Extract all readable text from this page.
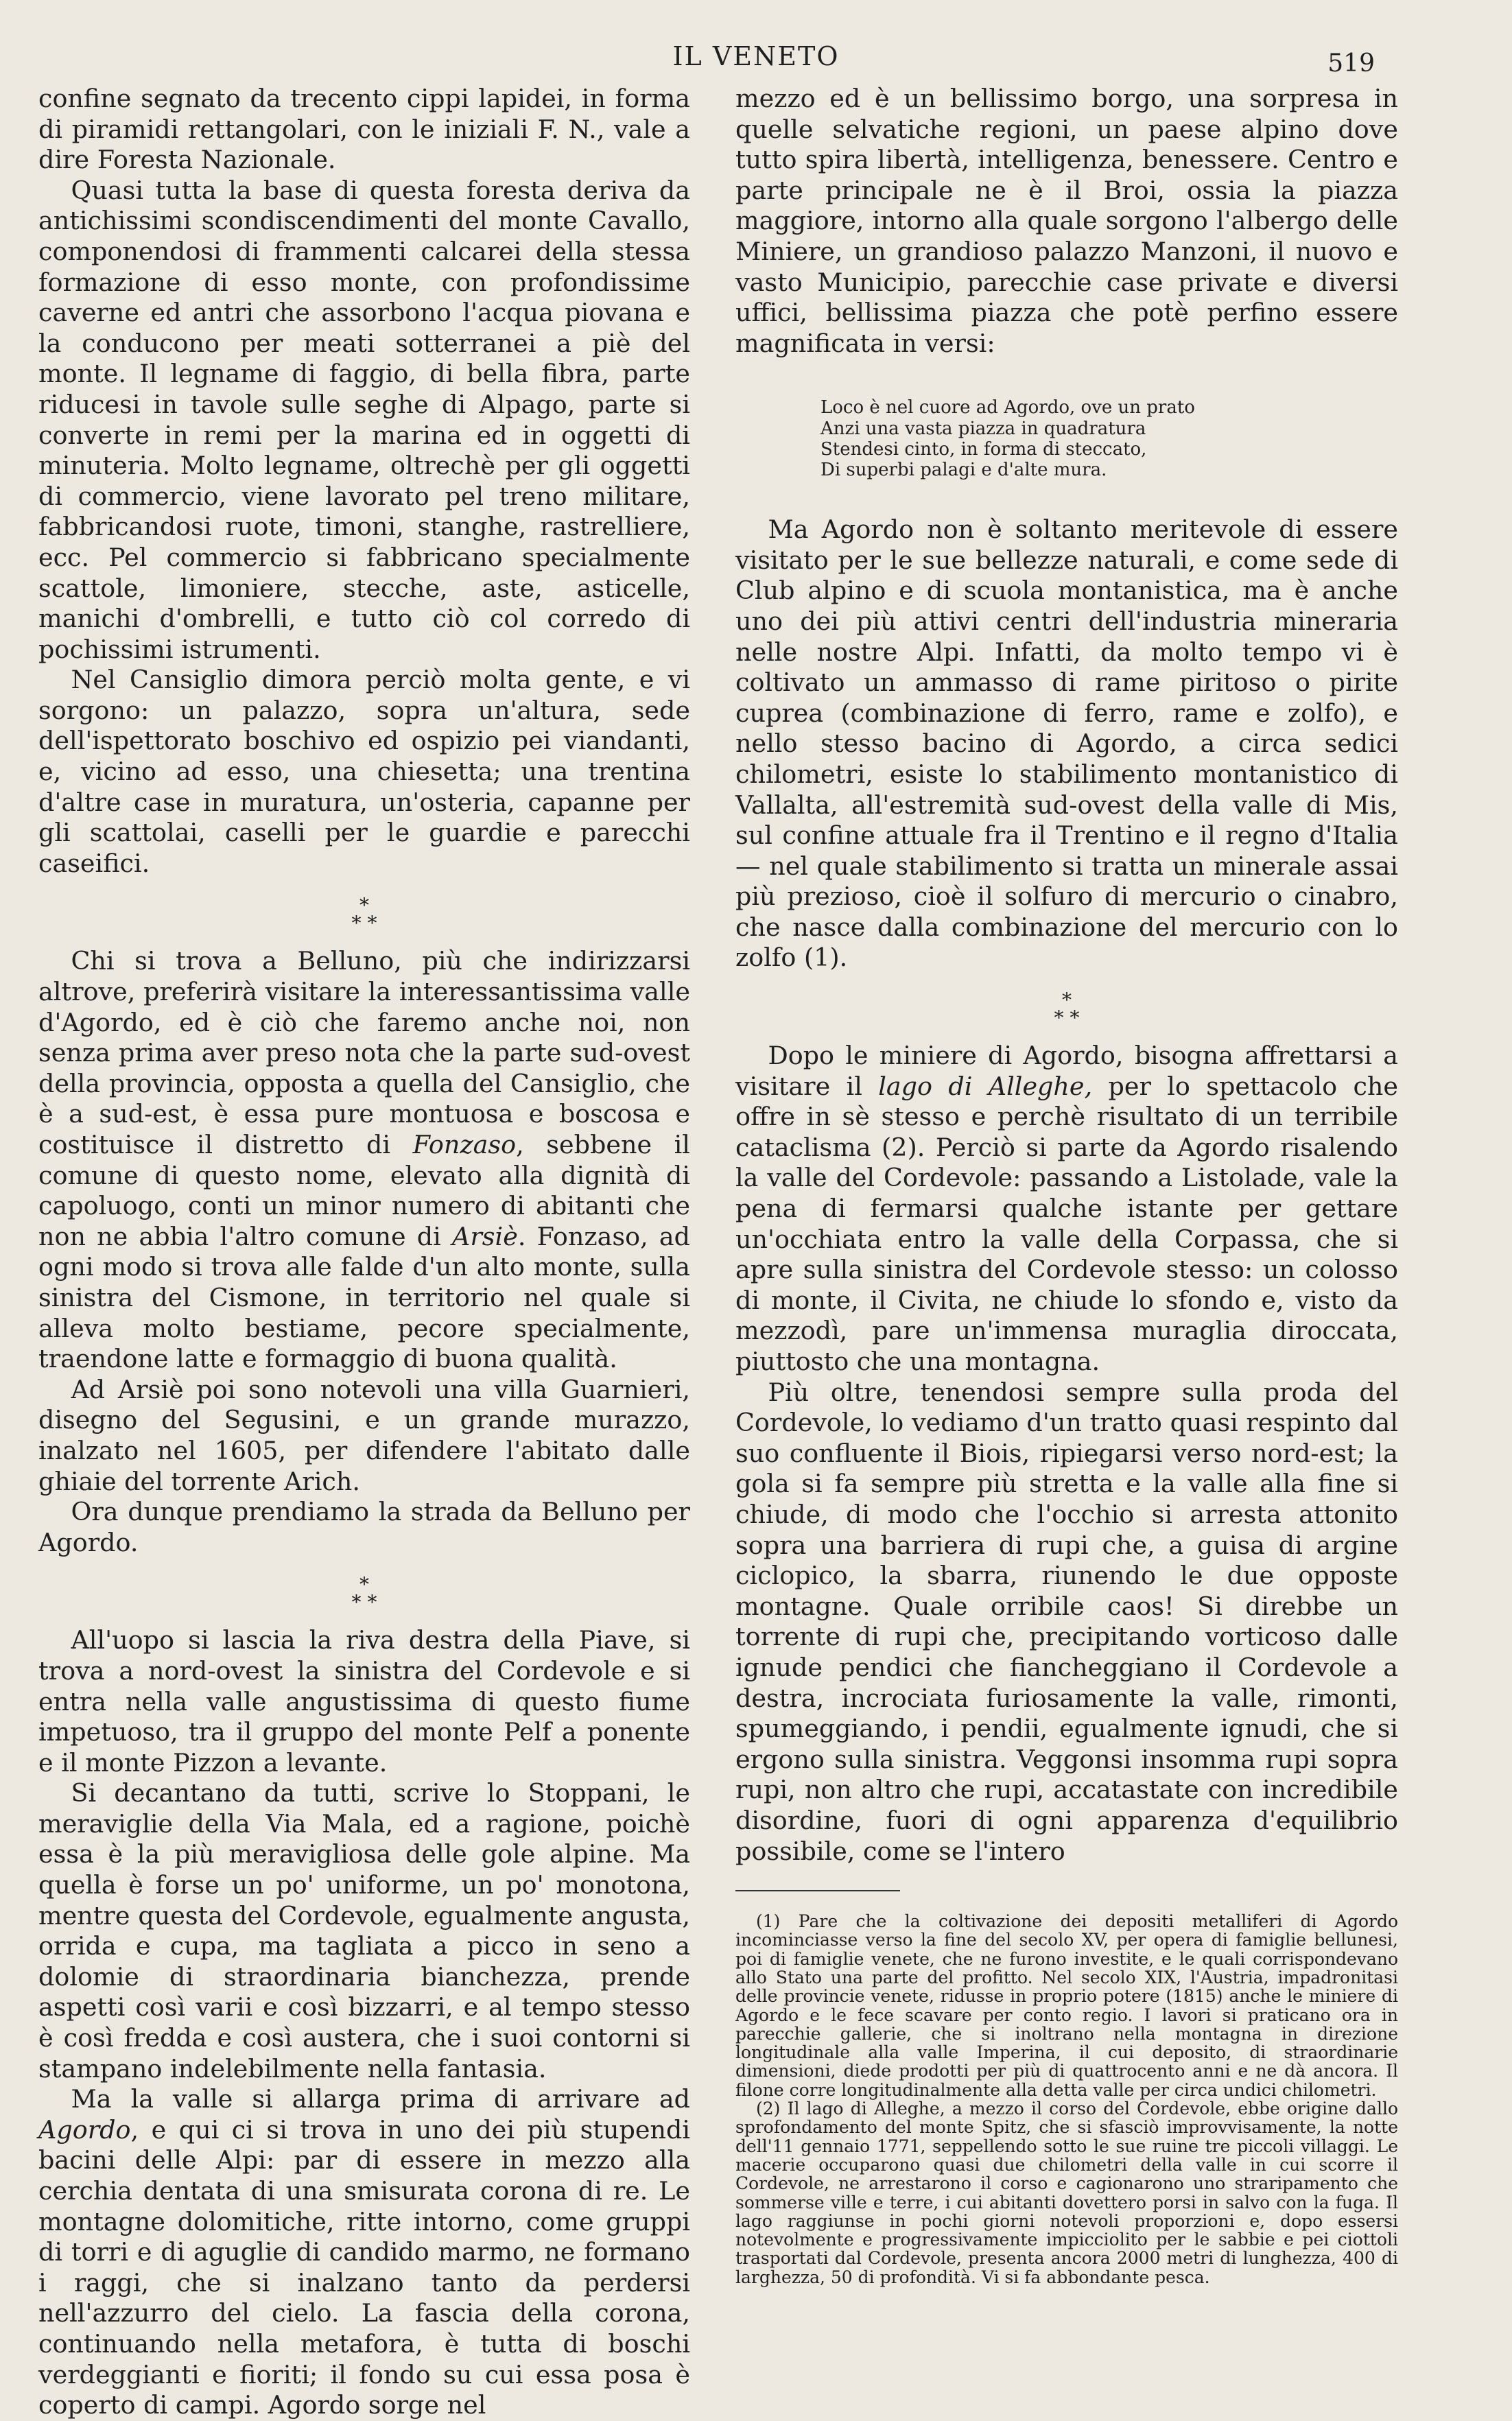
IL VENETO	519

confine segnato da trecento cippi lapidei, in forma di piramidi rettangolari, con le iniziali F. N., vale a dire Foresta Nazionale.

Quasi tutta la base di questa foresta deriva da antichissimi scondiscendimenti del monte Cavallo, componendosi di frammenti calcarei della stessa formazione di esso monte, con profondissime caverne ed antri che assorbono l'acqua piovana e la conducono per meati sotterranei a piè del monte. Il legname di faggio, di bella fibra, parte riducesi in tavole sulle seghe di Alpago, parte si converte in remi per la marina ed in oggetti di minuteria. Molto legname, oltrechè per gli oggetti di commercio, viene lavorato pel treno militare, fabbricandosi ruote, timoni, stanghe, rastrelliere, ecc. Pel commercio si fabbricano specialmente scattole, limoniere, stecche, aste, asticelle, manichi d'ombrelli, e tutto ciò col corredo di pochissimi istrumenti.

Nel Cansiglio dimora perciò molta gente, e vi sorgono: un palazzo, sopra un'altura, sede dell'ispettorato boschivo ed ospizio pei viandanti, e, vicino ad esso, una chiesetta; una trentina d'altre case in muratura, un'osteria, capanne per gli scattolai, caselli per le guardie e parecchi caseifici.

*
* *

Chi si trova a Belluno, più che indirizzarsi altrove, preferirà visitare la interessantissima valle d'Agordo, ed è ciò che faremo anche noi, non senza prima aver preso nota che la parte sud-ovest della provincia, opposta a quella del Cansiglio, che è a sud-est, è essa pure montuosa e boscosa e costituisce il distretto di Fonzaso, sebbene il comune di questo nome, elevato alla dignità di capoluogo, conti un minor numero di abitanti che non ne abbia l'altro comune di Arsiè. Fonzaso, ad ogni modo si trova alle falde d'un alto monte, sulla sinistra del Cismone, in territorio nel quale si alleva molto bestiame, pecore specialmente, traendone latte e formaggio di buona qualità.

Ad Arsiè poi sono notevoli una villa Guarnieri, disegno del Segusini, e un grande murazzo, inalzato nel 1605, per difendere l'abitato dalle ghiaie del torrente Arich.

Ora dunque prendiamo la strada da Belluno per Agordo.

*
* *

All'uopo si lascia la riva destra della Piave, si trova a nord-ovest la sinistra del Cordevole e si entra nella valle angustissima di questo fiume impetuoso, tra il gruppo del monte Pelf a ponente e il monte Pizzon a levante.

Si decantano da tutti, scrive lo Stoppani, le meraviglie della Via Mala, ed a ragione, poichè essa è la più meravigliosa delle gole alpine. Ma quella è forse un po' uniforme, un po' monotona, mentre questa del Cordevole, egualmente angusta, orrida e cupa, ma tagliata a picco in seno a dolomie di straordinaria bianchezza, prende aspetti così varii e così bizzarri, e al tempo stesso è così fredda e così austera, che i suoi contorni si stampano indelebilmente nella fantasia.

Ma la valle si allarga prima di arrivare ad Agordo, e qui ci si trova in uno dei più stupendi bacini delle Alpi: par di essere in mezzo alla cerchia dentata di una smisurata corona di re. Le montagne dolomitiche, ritte intorno, come gruppi di torri e di aguglie di candido marmo, ne formano i raggi, che si inalzano tanto da perdersi nell'azzurro del cielo. La fascia della corona, continuando nella metafora, è tutta di boschi verdeggianti e fioriti; il fondo su cui essa posa è coperto di campi. Agordo sorge nel

mezzo ed è un bellissimo borgo, una sorpresa in quelle selvatiche regioni, un paese alpino dove tutto spira libertà, intelligenza, benessere. Centro e parte principale ne è il Broi, ossia la piazza maggiore, intorno alla quale sorgono l'albergo delle Miniere, un grandioso palazzo Manzoni, il nuovo e vasto Municipio, parecchie case private e diversi uffici, bellissima piazza che potè perfino essere magnificata in versi:

Loco è nel cuore ad Agordo, ove un prato
Anzi una vasta piazza in quadratura
Stendesi cinto, in forma di steccato,
Di superbi palagi e d'alte mura.

Ma Agordo non è soltanto meritevole di essere visitato per le sue bellezze naturali, e come sede di Club alpino e di scuola montanistica, ma è anche uno dei più attivi centri dell'industria mineraria nelle nostre Alpi. Infatti, da molto tempo vi è coltivato un ammasso di rame piritoso o pirite cuprea (combinazione di ferro, rame e zolfo), e nello stesso bacino di Agordo, a circa sedici chilometri, esiste lo stabilimento montanistico di Vallalta, all'estremità sud-ovest della valle di Mis, sul confine attuale fra il Trentino e il regno d'Italia — nel quale stabilimento si tratta un minerale assai più prezioso, cioè il solfuro di mercurio o cinabro, che nasce dalla combinazione del mercurio con lo zolfo (1).

*
* *

Dopo le miniere di Agordo, bisogna affrettarsi a visitare il lago di Alleghe, per lo spettacolo che offre in sè stesso e perchè risultato di un terribile cataclisma (2). Perciò si parte da Agordo risalendo la valle del Cordevole: passando a Listolade, vale la pena di fermarsi qualche istante per gettare un'occhiata entro la valle della Corpassa, che si apre sulla sinistra del Cordevole stesso: un colosso di monte, il Civita, ne chiude lo sfondo e, visto da mezzodì, pare un'immensa muraglia diroccata, piuttosto che una montagna.

Più oltre, tenendosi sempre sulla proda del Cordevole, lo vediamo d'un tratto quasi respinto dal suo confluente il Biois, ripiegarsi verso nord-est; la gola si fa sempre più stretta e la valle alla fine si chiude, di modo che l'occhio si arresta attonito sopra una barriera di rupi che, a guisa di argine ciclopico, la sbarra, riunendo le due opposte montagne. Quale orribile caos! Si direbbe un torrente di rupi che, precipitando vorticoso dalle ignude pendici che fiancheggiano il Cordevole a destra, incrociata furiosamente la valle, rimonti, spumeggiando, i pendii, egualmente ignudi, che si ergono sulla sinistra. Veggonsi insomma rupi sopra rupi, non altro che rupi, accatastate con incredibile disordine, fuori di ogni apparenza d'equilibrio possibile, come se l'intero

(1) Pare che la coltivazione dei depositi metalliferi di Agordo incominciasse verso la fine del secolo XV, per opera di famiglie bellunesi, poi di famiglie venete, che ne furono investite, e le quali corrispondevano allo Stato una parte del profitto. Nel secolo XIX, l'Austria, impadronitasi delle provincie venete, ridusse in proprio potere (1815) anche le miniere di Agordo e le fece scavare per conto regio. I lavori si praticano ora in parecchie gallerie, che si inoltrano nella montagna in direzione longitudinale alla valle Imperina, il cui deposito, di straordinarie dimensioni, diede prodotti per più di quattrocento anni e ne dà ancora. Il filone corre longitudinalmente alla detta valle per circa undici chilometri.

(2) Il lago di Alleghe, a mezzo il corso del Cordevole, ebbe origine dallo sprofondamento del monte Spitz, che si sfasciò improvvisamente, la notte dell'11 gennaio 1771, seppellendo sotto le sue ruine tre piccoli villaggi. Le macerie occuparono quasi due chilometri della valle in cui scorre il Cordevole, ne arrestarono il corso e cagionarono uno straripamento che sommerse ville e terre, i cui abitanti dovettero porsi in salvo con la fuga. Il lago raggiunse in pochi giorni notevoli proporzioni e, dopo essersi notevolmente e progressivamente impicciolito per le sabbie e pei ciottoli trasportati dal Cordevole, presenta ancora 2000 metri di lunghezza, 400 di larghezza, 50 di profondità. Vi si fa abbondante pesca.
